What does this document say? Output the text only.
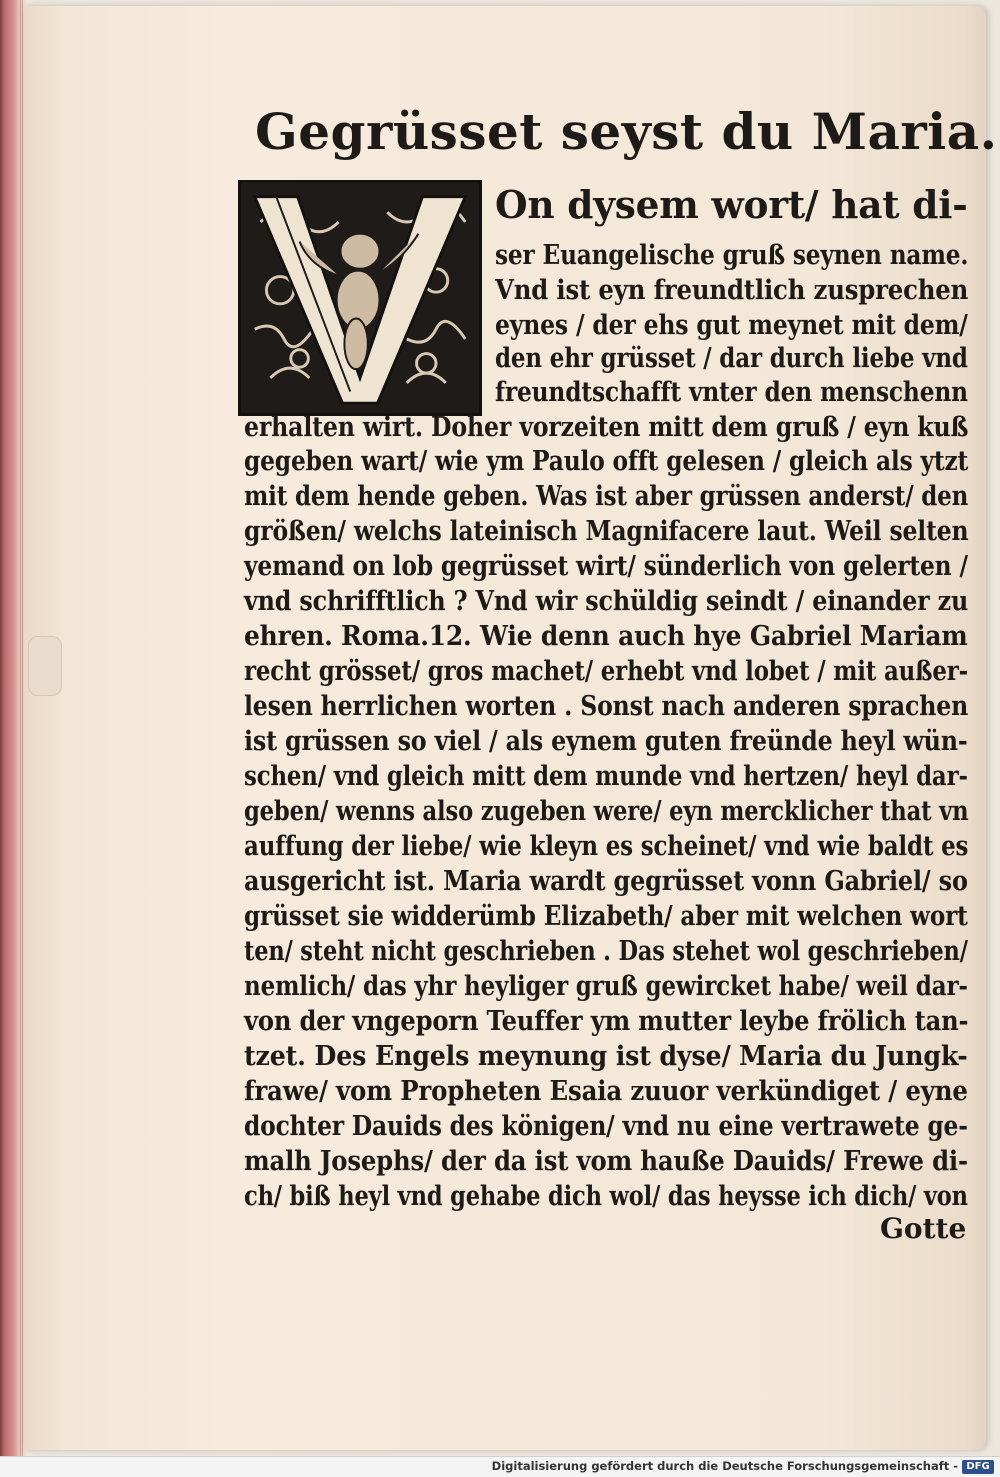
Gegrüsset seyst du Maria.
V On dysem wort/ hat di-
ser Euangelische gruß seynen name.
Vnd ist eyn freundtlich zusprechen
eynes / der ehs gut meynet mit dem/
den ehr grüsset / dar durch liebe vnd
freundtschafft vnter den menschenn
erhalten wirt. Doher vorzeiten mitt dem gruß / eyn kuß
gegeben wart/ wie ym Paulo offt gelesen / gleich als ytzt
mit dem hende geben. Was ist aber grüssen anderst/ den
größen/ welchs lateinisch Magnifacere laut. Weil selten
yemand on lob gegrüsset wirt/ sünderlich von gelerten /
vnd schrifftlich ? Vnd wir schüldig seindt / einander zu
ehren. Roma.12. Wie denn auch hye Gabriel Mariam
recht grösset/ gros machet/ erhebt vnd lobet / mit außer-
lesen herrlichen worten . Sonst nach anderen sprachen
ist grüssen so viel / als eynem guten freünde heyl wün-
schen/ vnd gleich mitt dem munde vnd hertzen/ heyl dar-
geben/ wenns also zugeben were/ eyn mercklicher that vn
auffung der liebe/ wie kleyn es scheinet/ vnd wie baldt es
ausgericht ist. Maria wardt gegrüsset vonn Gabriel/ so
grüsset sie widderümb Elizabeth/ aber mit welchen wort
ten/ steht nicht geschrieben . Das stehet wol geschrieben/
nemlich/ das yhr heyliger gruß gewircket habe/ weil dar-
von der vngeporn Teuffer ym mutter leybe frölich tan-
tzet. Des Engels meynung ist dyse/ Maria du Jungk-
frawe/ vom Propheten Esaia zuuor verkündiget / eyne
dochter Dauids des königen/ vnd nu eine vertrawete ge-
malh Josephs/ der da ist vom hauße Dauids/ Frewe di-
ch/ biß heyl vnd gehabe dich wol/ das heysse ich dich/ von
Gotte
Digitalisierung gefördert durch die Deutsche Forschungsgemeinschaft - DFG
